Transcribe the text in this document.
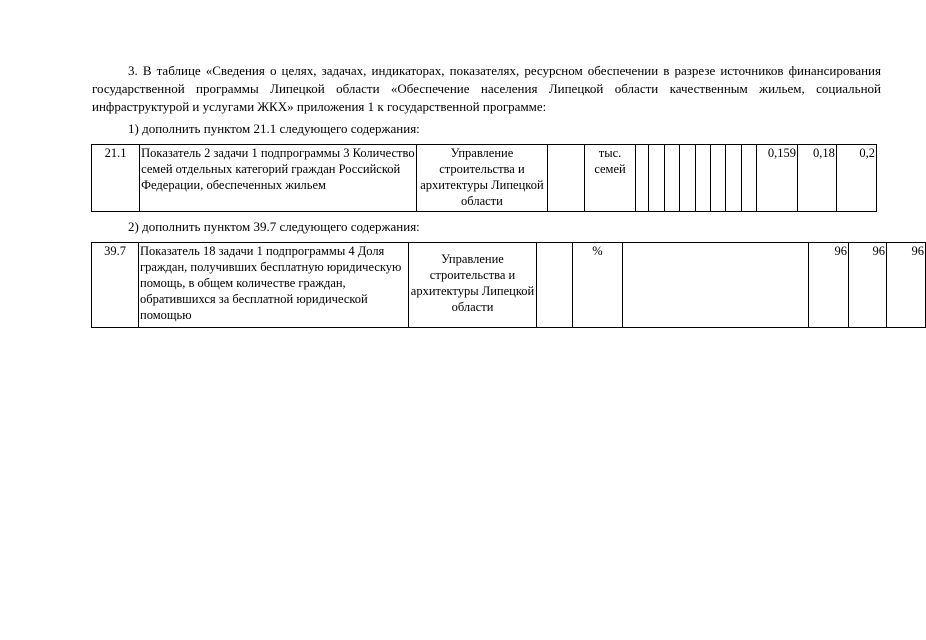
3. В таблице «Сведения о целях, задачах, индикаторах, показателях, ресурсном обеспечении в разрезе источников финансирования государственной программы Липецкой области «Обеспечение населения Липецкой области качественным жильем, социальной инфраструктурой и услугами ЖКХ» приложения 1 к государственной программе:

1) дополнить пунктом 21.1 следующего содержания:

21.1	Показатель 2 задачи 1 подпрограммы 3 Количество семей отдельных категорий граждан Российской Федерации, обеспеченных жильем	Управление строительства и архитектуры Липецкой области		тыс. семей									0,159	0,18	0,2

2) дополнить пунктом 39.7 следующего содержания:

39.7	Показатель 18 задачи 1 подпрограммы 4 Доля граждан, получивших бесплатную юридическую помощь, в общем количестве граждан, обратившихся за бесплатной юридической помощью	Управление строительства и архитектуры Липецкой области		%		96	96	96
